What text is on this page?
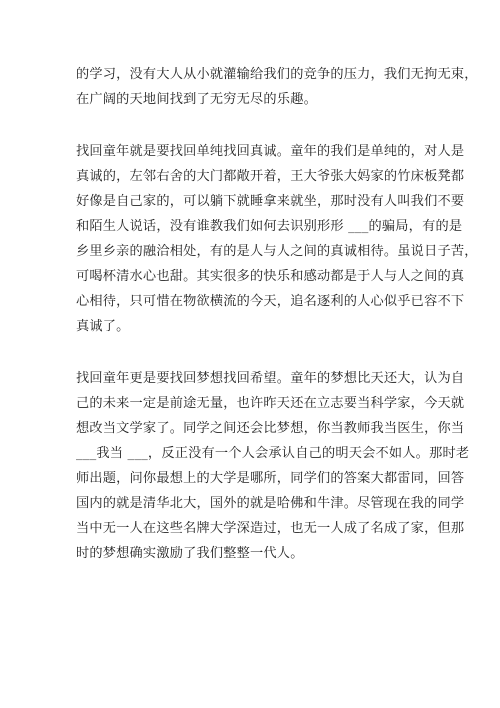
的学习，没有大人从小就灌输给我们的竞争的压力，我们无拘无束，
在广阔的天地间找到了无穷无尽的乐趣。

找回童年就是要找回单纯找回真诚。童年的我们是单纯的，对人是
真诚的，左邻右舍的大门都敞开着，王大爷张大妈家的竹床板凳都
好像是自己家的，可以躺下就睡拿来就坐，那时没有人叫我们不要
和陌生人说话，没有谁教我们如何去识别形形 ___的骗局，有的是
乡里乡亲的融洽相处，有的是人与人之间的真诚相待。虽说日子苦，
可喝杯清水心也甜。其实很多的快乐和感动都是于人与人之间的真
心相待，只可惜在物欲横流的今天，追名逐利的人心似乎已容不下
真诚了。

找回童年更是要找回梦想找回希望。童年的梦想比天还大，认为自
己的未来一定是前途无量，也许昨天还在立志要当科学家，今天就
想改当文学家了。同学之间还会比梦想，你当教师我当医生，你当
___我当 ___，反正没有一个人会承认自己的明天会不如人。那时老
师出题，问你最想上的大学是哪所，同学们的答案大都雷同，回答
国内的就是清华北大，国外的就是哈佛和牛津。尽管现在我的同学
当中无一人在这些名牌大学深造过，也无一人成了名成了家，但那
时的梦想确实激励了我们整整一代人。
